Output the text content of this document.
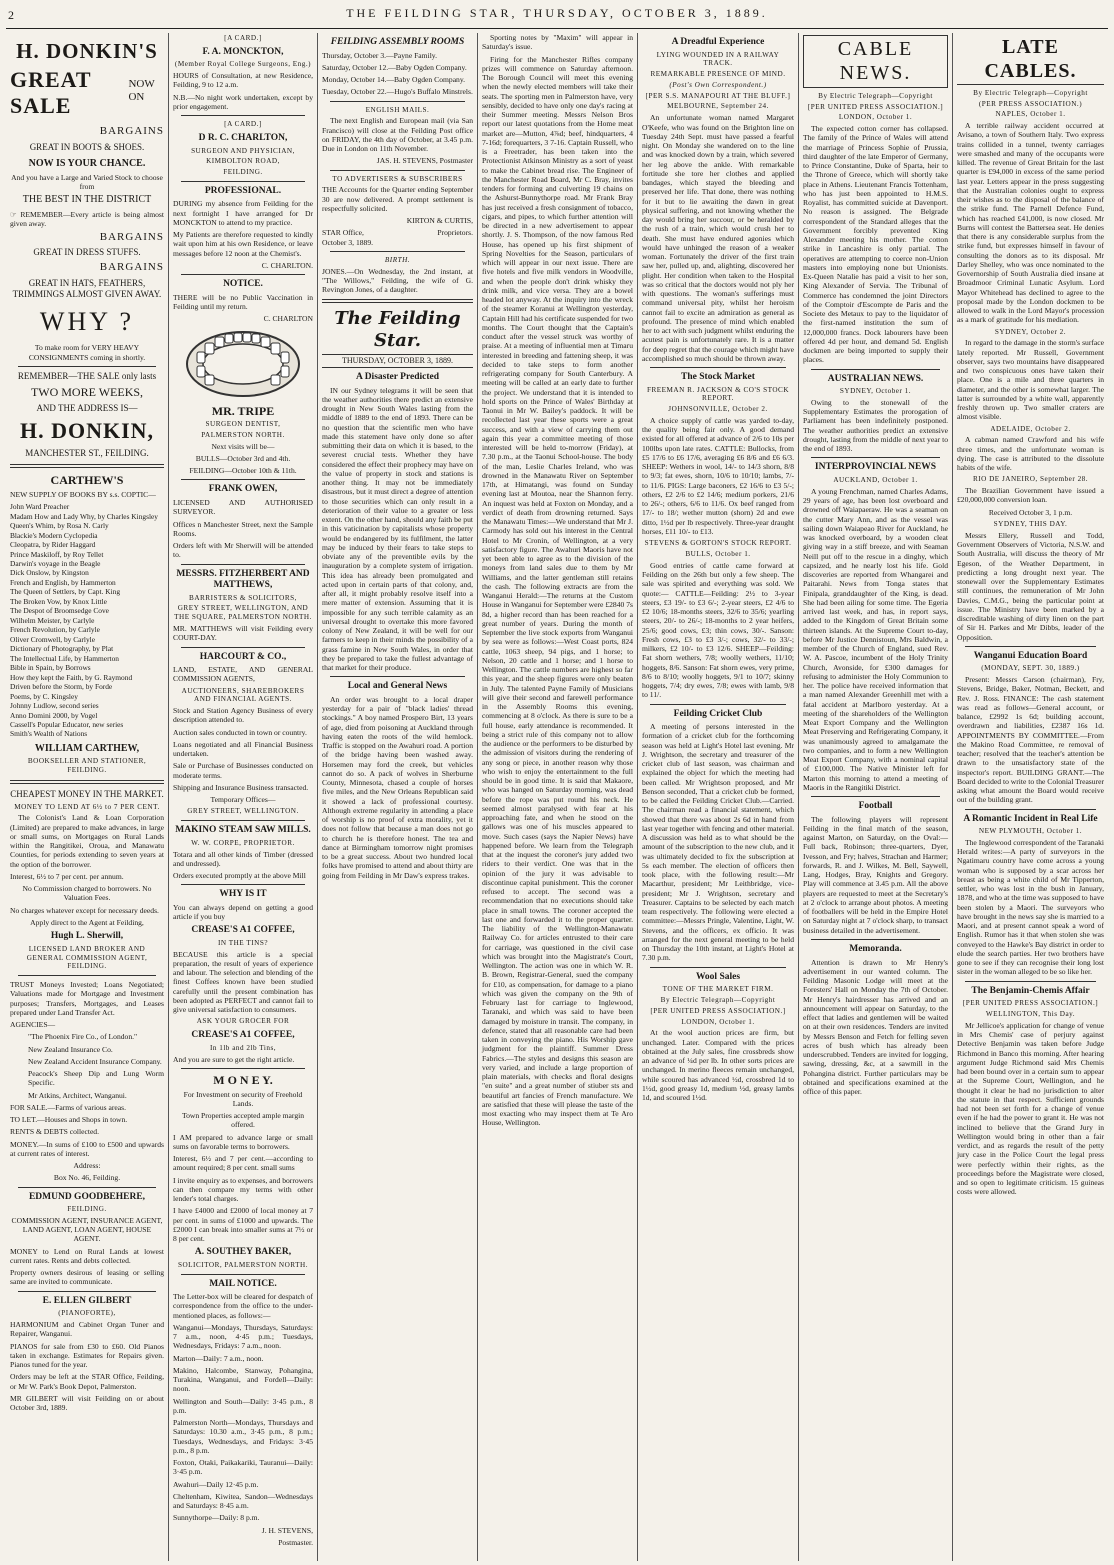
2	THE FEILDING STAR, THURSDAY, OCTOBER 3, 1889.
H. DONKIN'S
GREAT SALE
NOW ON
BARGAINS
GREAT IN BOOTS & SHOES.
NOW IS YOUR CHANCE.

And you have a Large and Varied Stock to choose from

THE BEST IN THE DISTRICT

☞ REMEMBER—Every article is being almost given away.

BARGAINS
GREAT IN DRESS STUFFS.
BARGAINS
GREAT IN HATS, FEATHERS, TRIMMINGS ALMOST GIVEN AWAY.
WHY ?

To make room for VERY HEAVY CONSIGNMENTS coming in shortly.

REMEMBER—THE SALE only lasts
TWO MORE WEEKS,
AND THE ADDRESS IS—
H. DONKIN,
MANCHESTER ST., FEILDING.
CARTHEW'S

NEW SUPPLY OF BOOKS BY s.s. COPTIC—

John Ward Preacher
Madam How and Lady Why, by Charles Kingsley
Queen's Whim, by Rosa N. Carly
Blackie's Modern Cyclopedia
Cleopatra, by Rider Haggard
Prince Maskiloff, by Roy Tellet
Darwin's voyage in the Beagle
Dick Onslow, by Kingston
French and English, by Hammerton
The Queen of Settlers, by Capt. King
The Broken Vow, by Knox Little
The Despot of Broomsedge Cove
Wilhelm Meister, by Carlyle
French Revolution, by Carlyle
Oliver Cromwell, by Carlyle
Dictionary of Photography, by Plat
The Intellectual Life, by Hammerton
Bible in Spain, by Borrows
How they kept the Faith, by G. Raymond
Driven before the Storm, by Forde
Poems, by C. Kingsley
Johnny Ludlow, second series
Anno Domini 2000, by Vogel
Cassell's Popular Educator, new series
Smith's Wealth of Nations
WILLIAM CARTHEW,
BOOKSELLER AND STATIONER, FEILDING.
CHEAPEST MONEY IN THE MARKET.
MONEY TO LEND AT 6½ to 7 PER CENT.

The Colonist's Land & Loan Corporation (Limited) are prepared to make advances, in large or small sums, on Mortgages on Rural Lands within the Rangitikei, Oroua, and Manawatu Counties, for periods extending to seven years at the option of the borrower.

Interest, 6½ to 7 per cent. per annum.

No Commission charged to borrowers. No Valuation Fees.

No charges whatever except for necessary deeds.

Apply direct to the Agent at Feilding,

Hugh L. Sherwill,
LICENSED LAND BROKER AND GENERAL COMMISSION AGENT, FEILDING.

TRUST Moneys Invested; Loans Negotiated; Valuations made for Mortgage and Investment purposes; Transfers, Mortgages, and Leases prepared under Land Transfer Act.

AGENCIES—

"The Phoenix Fire Co., of London."

New Zealand Insurance Co.

New Zealand Accident Insurance Company.

Peacock's Sheep Dip and Lung Worm Specific.

Mr Atkins, Architect, Wanganui.

FOR SALE.—Farms of various areas.

TO LET.—Houses and Shops in town.

RENTS & DEBTS collected.

MONEY.—In sums of £100 to £500 and upwards at current rates of interest.

Address:

Box No. 46, Feilding.

EDMUND GOODBEHERE,
FEILDING.

COMMISSION AGENT, INSURANCE AGENT, LAND AGENT, LOAN AGENT, HOUSE AGENT.

MONEY to Lend on Rural Lands at lowest current rates. Rents and debts collected.

Property owners desirous of leasing or selling same are invited to communicate.

E. ELLEN GILBERT
(PIANOFORTE),

HARMONIUM and Cabinet Organ Tuner and Repairer, Wanganui.

PIANOS for sale from £30 to £60. Old Pianos taken in exchange. Estimates for Repairs given. Pianos tuned for the year.

Orders may be left at the STAR Office, Feilding, or Mr W. Park's Book Depot, Palmerston.

MR GILBERT will visit Feilding on or about October 3rd, 1889.

[A CARD.]
F. A. MONCKTON,
(Member Royal College Surgeons, Eng.)

HOURS of Consultation, at new Residence, Feilding, 9 to 12 a.m.

N.B.—No night work undertaken, except by prior engagement.

[A CARD.]
D R. C. CHARLTON,
SURGEON AND PHYSICIAN,
KIMBOLTON ROAD,
FEILDING.
PROFESSIONAL.

DURING my absence from Feilding for the next fortnight I have arranged for Dr MONCKTON to attend to my practice.

My Patients are therefore requested to kindly wait upon him at his own Residence, or leave messages before 12 noon at the Chemist's.

C. CHARLTON.
NOTICE.

THERE will be no Public Vaccination in Feilding until my return.

C. CHARLTON
MR. TRIPE
SURGEON DENTIST,
PALMERSTON NORTH.

Next visits will be—

BULLS—October 3rd and 4th.

FEILDING—October 10th & 11th.

FRANK OWEN,

LICENSED AND AUTHORISED SURVEYOR.

Offices n Manchester Street, next the Sample Rooms.

Orders left with Mr Sherwill will be attended to.

MESSRS. FITZHERBERT AND MATTHEWS,
BARRISTERS & SOLICITORS,
GREY STREET, WELLINGTON, AND THE SQUARE, PALMERSTON NORTH.

MR. MATTHEWS will visit Feilding every COURT-DAY.

HARCOURT & CO.,

LAND, ESTATE, AND GENERAL COMMISSION AGENTS,

AUCTIONEERS, SHAREBROKERS AND FINANCIAL AGENTS.

Stock and Station Agency Business of every description attended to.

Auction sales conducted in town or country.

Loans negotiated and all Financial Business undertaken.

Sale or Purchase of Businesses conducted on moderate terms.

Shipping and Insurance Business transacted.

Temporary Offices—

GREY STREET, WELLINGTON.
MAKINO STEAM SAW MILLS.
W. W. CORPE, PROPRIETOR.

Totara and all other kinds of Timber (dressed and undressed).

Orders executed promptly at the above Mill

WHY IS IT

You can always depend on getting a good article if you buy

CREASE'S A1 COFFEE,
IN THE TINS?

BECAUSE this article is a special preparation, the result of years of experience and labour. The selection and blending of the finest Coffees known have been studied carefully until the present combination has been adopted as PERFECT and cannot fail to give universal satisfaction to consumers.

ASK YOUR GROCER FOR
CREASE'S A1 COFFEE,
In 1lb and 2lb Tins,

And you are sure to get the right article.

M O N E Y.

For Investment on security of Freehold Lands.

Town Properties accepted ample margin offered.

I AM prepared to advance large or small sums on favorable terms to borrowers.

Interest, 6½ and 7 per cent.—according to amount required; 8 per cent. small sums

I invite enquiry as to expenses, and borrowers can then compare my terms with other lender's total charges.

I have £4000 and £2000 of local money at 7 per cent. in sums of £1000 and upwards. The £2000 I can break into smaller sums at 7½ or 8 per cent.

A. SOUTHEY BAKER,
SOLICITOR, PALMERSTON NORTH.
MAIL NOTICE.

The Letter-box will be cleared for despatch of correspondence from the office to the under-mentioned places, as follows:—

Wanganui—Mondays, Thursdays, Saturdays: 7 a.m., noon, 4·45 p.m.; Tuesdays, Wednesdays, Fridays: 7 a.m., noon.

Marton—Daily: 7 a.m., noon.

Makino, Halcombe, Stanway, Pohangina, Turakina, Wanganui, and Fordell—Daily: noon.

Wellington and South—Daily: 3·45 p.m., 8 p.m.

Palmerston North—Mondays, Thursdays and Saturdays: 10.30 a.m., 3·45 p.m., 8 p.m.; Tuesdays, Wednesdays, and Fridays: 3·45 p.m., 8 p.m.

Foxton, Otaki, Paikakariki, Tauranui—Daily: 3·45 p.m.

Awahuri—Daily 12·45 p.m.

Cheltenham, Kiwitea, Sandon—Wednesdays and Saturdays: 8·45 a.m.

Sunnythorpe—Daily: 8 p.m.

J. H. STEVENS,
Postmaster.
FEILDING ASSEMBLY ROOMS

Thursday, October 3.—Payne Family.

Saturday, October 12.—Baby Ogden Company.

Monday, October 14.—Baby Ogden Company.

Tuesday, October 22.—Hugo's Buffalo Minstrels.

ENGLISH MAILS.

The next English and European mail (via San Francisco) will close at the Feilding Post office on FRIDAY, the 4th day of October, at 3.45 p.m. Due in London on 11th November.

JAS. H. STEVENS, Postmaster
TO ADVERTISERS & SUBSCRIBERS

THE Accounts for the Quarter ending September 30 are now delivered. A prompt settlement is respectfully solicited.

KIRTON & CURTIS,
STAR Office,	Proprietors.

October 3, 1889.

BIRTH.

JONES.—On Wednesday, the 2nd instant, at "The Willows," Feilding, the wife of G. Revington Jones, of a daughter.

The Feilding Star.
THURSDAY, OCTOBER 3, 1889.
A Disaster Predicted

IN our Sydney telegrams it will be seen that the weather authorities there predict an extensive drought in New South Wales lasting from the middle of 1889 to the end of 1893. There can be no question that the scientific men who have made this statement have only done so after submitting their data on which it is based, to the severest crucial tests. Whether they have considered the effect their prophecy may have on the value of property in stock and stations is another thing. It may not be immediately disastrous, but it must direct a degree of attention to those securities which can only result in a deterioration of their value to a greater or less extent. On the other hand, should any faith be put in this vaticination by capitalists whose property would be endangered by its fulfilment, the latter may be induced by their fears to take steps to obviate any of the preventible evils by the inauguration by a complete system of irrigation. This idea has already been promulgated and acted upon in certain parts of that colony, and, after all, it might probably resolve itself into a mere matter of extension. Assuming that it is impossible for any such terrible calamity as an universal drought to overtake this more favored colony of New Zealand, it will be well for our farmers to keep in their minds the possibility of a grass famine in New South Wales, in order that they be prepared to take the fullest advantage of that market for their produce.

Local and General News

An order was brought to a local draper yesterday for a pair of "black ladies' thread stockings." A boy named Prospero Birt, 13 years of age, died from poisoning at Auckland through having eaten the roots of the wild hemlock. Traffic is stopped on the Awahuri road. A portion of the bridge having been washed away. Horsemen may ford the creek, but vehicles cannot do so. A pack of wolves in Sherburne County, Minnesota, chased a couple of horses five miles, and the New Orleans Republican said it showed a lack of professional courtesy. Although extreme regularity in attending a place of worship is no proof of extra morality, yet it does not follow that because a man does not go to church he is therefore honest. The tea and dance at Birmingham tomorrow night promises to be a great success. About two hundred local folks have promised to attend and about thirty are going from Feilding in Mr Daw's express trakes.

Sporting notes by "Maxim" will appear in Saturday's issue.

Firing for the Manchester Rifles company prizes will commence on Saturday afternoon. The Borough Council will meet this evening when the newly elected members will take their seats. The sporting men in Palmerston have, very sensibly, decided to have only one day's racing at their Summer meeting. Messrs Nelson Bros report our latest quotations from the Home meat market are—Mutton, 4⅞d; beef, hindquarters, 4 7-16d; forequarters, 3 7-16. Captain Russell, who is a Freetrader, has been taken into the Protectionist Atkinson Ministry as a sort of yeast to make the Cabinet bread rise. The Engineer of the Manchester Road Board, Mr C. Bray, invites tenders for forming and culverting 19 chains on the Ashurst-Bunnythorpe road. Mr Frank Bray has just received a fresh consignment of tobacco, cigars, and pipes, to which further attention will be directed in a new advertisement to appear shortly. J. S. Thompson, of the now famous Red House, has opened up his first shipment of Spring Novelties for the Season, particulars of which will appear in our next issue. There are five hotels and five milk vendors in Woodville, and when the people don't drink whisky they drink milk, and vice versa. They are a bowel headed lot anyway. At the inquiry into the wreck of the steamer Koranui at Wellington yesterday, Captain Hill had his certificate suspended for two months. The Court thought that the Captain's conduct after the vessel struck was worthy of praise. At a meeting of influential men at Timaru interested in breeding and fattening sheep, it was decided to take steps to form another refrigerating company for South Canterbury. A meeting will be called at an early date to further the project. We understand that it is intended to hold sports on the Prince of Wales' Birthday at Taonui in Mr W. Bailey's paddock. It will be recollected last year these sports were a great success, and with a view of carrying them out again this year a committee meeting of those interested will be held to-morrow (Friday), at 7.30 p.m., at the Taonui School-house. The body of the man, Leslie Charles Ireland, who was drowned in the Manawatu River on September 17th, at Himatangi, was found on Sunday evening last at Moutoa, near the Shannon ferry. An inquest was held at Foxton on Monday, and a verdict of death from drowning returned. Says the Manawatu Times:—We understand that Mr J. Carmody has sold out his interest in the Central Hotel to Mr Cronin, of Wellington, at a very satisfactory figure. The Awahuri Maoris have not yet been able to agree as to the division of the moneys from land sales due to them by Mr Williams, and the latter gentleman still retains the cash. The following extracts are from the Wanganui Herald:—The returns at the Custom House in Wanganui for September were £2840 7s 8d, a higher record than has been reached for a great number of years. During the month of September the live stock exports from Wanganui by sea were as follows:—West Coast ports, 824 cattle, 1063 sheep, 94 pigs, and 1 horse; to Nelson, 20 cattle and 1 horse; and 1 horse to Wellington. The cattle numbers are highest so far this year, and the sheep figures were only beaten in July. The talented Payne Family of Musicians will give their second and farewell performance in the Assembly Rooms this evening, commencing at 8 o'clock. As there is sure to be a full house, early attendance is recommended. It being a strict rule of this company not to allow the audience or the performers to be disturbed by the admission of visitors during the rendering of any song or piece, in another reason why those who wish to enjoy the entertainment to the full should be in good time. It is said that Makaore, who was hanged on Saturday morning, was dead before the rope was put round his neck. He seemed almost paralysed with fear at his approaching fate, and when he stood on the gallows was one of his muscles appeared to move. Such cases (says the Napier News) have happened before. We learn from the Telegraph that at the inquest the coroner's jury added two riders to their verdict. One was that in the opinion of the jury it was advisable to discontinue capital punishment. This the coroner refused to accept. The second was a recommendation that no executions should take place in small towns. The coroner accepted the last one and forwarded it to the proper quarter. The liability of the Wellington-Manawatu Railway Co. for articles entrusted to their care for carriage, was questioned in the civil case which was brought into the Magistrate's Court, Wellington. The action was one in which W. R. B. Brown, Registrar-General, sued the company for £10, as compensation, for damage to a piano which was given the company on the 9th of February last for carriage to Inglewood, Taranaki, and which was said to have been damaged by moisture in transit. The company, in defence, stated that all reasonable care had been taken in conveying the piano. His Worship gave judgment for the plaintiff. Summer Dress Fabrics.—The styles and designs this season are very varied, and include a large proportion of plain materials, with checks and floral designs "en suite" and a great number of stiuber sts and beautiful art fancies of French manufacture. We are satisfied that these will please the taste of the most exacting who may inspect them at Te Aro House, Wellington.

A Dreadful Experience
LYING WOUNDED IN A RAILWAY TRACK.
REMARKABLE PRESENCE OF MIND.
(Post's Own Correspondent.)
[PER S.S. MANAPOURI AT THE BLUFF.]
MELBOURNE, September 24.

An unfortunate woman named Margaret O'Keefe, who was found on the Brighton line on Tuesday 24th Sept. must have passed a fearful night. On Monday she wandered on to the line and was knocked down by a train, which severed her leg above the ankle. With remarkable fortitude she tore her clothes and applied bandages, which stayed the bleeding and preserved her life. That done, there was nothing for it but to lie awaiting the dawn in great physical suffering, and not knowing whether the day would bring her succour, or be heralded by the rush of a train, which would crush her to death. She must have endured agonies which would have unhinged the reason of a weaker woman. Fortunately the driver of the first train saw her, pulled up, and, alighting, discovered her plight. Her condition when taken to the Hospital was so critical that the doctors would not ply her with questions. The woman's sufferings must command universal pity, whilst her heroism cannot fail to excite an admiration as general as profound. The presence of mind which enabled her to act with such judgment whilst enduring the acutest pain is unfortunately rare. It is a matter for deep regret that the courage which might have accomplished so much should be thrown away.

The Stock Market
FREEMAN R. JACKSON & CO'S STOCK REPORT.
JOHNSONVILLE, October 2.

A choice supply of cattle was yarded to-day, the quality being fair only. A good demand existed for all offered at advance of 2/6 to 10s per 100lbs upon late rates. CATTLE: Bullocks, from £5 17/6 to £6 17/6, averaging £6 8/6 and £6 6/3. SHEEP: Wethers in wool, 14/- to 14/3 shorn, 8/8 to 9/3; fat ewes, shorn, 10/6 to 10/10; lambs, 7/- to 11/6. PIGS: Large baconers, £2 16/6 to £3 5/-; others, £2 2/6 to £2 14/6; medium porkers, 21/6 to 26/-; others, 6/6 to 11/6. Ox beef ranged from 17/- to 18/; wether mutton (shorn) 2d and ewe ditto, 1½d per lb respectively. Three-year draught horses, £11 10/- to £13.

STEVENS & GORTON'S STOCK REPORT.
BULLS, October 1.

Good entries of cattle came forward at Feilding on the 26th but only a few sheep. The sale was spirited and everything was sold. We quote:— CATTLE—Feilding: 2½ to 3-year steers, £3 19/- to £3 6/-; 2-year steers, £2 4/6 to £2 10/6; 18-months steers, 32/6 to 35/6; yearling steers, 20/- to 26/-; 18-months to 2 year heifers, 25/6; good cows, £3; thin cows, 30/-. Sanson: Fresh cows, £3 to £3 3/-; cows, 32/- to 33/-; milkers, £2 10/- to £3 12/6. SHEEP—Feilding: Fat shorn wethers, 7/8; woolly wethers, 11/10; hoggets, 8/6. Sanson: Fat shorn ewes, very prime, 8/6 to 8/10; woolly hoggets, 9/1 to 10/7; skinny hoggets, 7/4; dry ewes, 7/8; ewes with lamb, 9/8 to 11/.

Feilding Cricket Club

A meeting of persons interested in the formation of a cricket club for the forthcoming season was held at Light's Hotel last evening. Mr J. Wrightson, the secretary and treasurer of the cricket club of last season, was chairman and explained the object for which the meeting had been called. Mr Wrightson proposed, and Mr Benson seconded, That a cricket club be formed, to be called the Feilding Cricket Club.—Carried. The chairman read a financial statement, which showed that there was about 2s 6d in hand from last year together with fencing and other material. A discussion was held as to what should be the amount of the subscription to the new club, and it was ultimately decided to fix the subscription at 5s each member. The election of officers then took place, with the following result:—Mr Macarthur, president; Mr Leithbridge, vice-president; Mr J. Wrightson, secretary and Treasurer. Captains to be selected by each match team respectively. The following were elected a committee:—Messrs Pringle, Valentine, Light, W. Stevens, and the officers, ex officio. It was arranged for the next general meeting to be held on Thursday the 10th instant, at Light's Hotel at 7.30 p.m.

Wool Sales
TONE OF THE MARKET FIRM.
By Electric Telegraph—Copyright
[PER UNITED PRESS ASSOCIATION.]
LONDON, October 1.

At the wool auction prices are firm, but unchanged. Later. Compared with the prices obtained at the July sales, fine crossbreds show an advance of ¼d per lb. In other sorts prices are unchanged. In merino fleeces remain unchanged, while scoured has advanced ½d, crossbred 1d to 1½d, good greasy 1d, medium ½d, greasy lambs 1d, and scoured 1½d.

CABLE NEWS.
By Electric Telegraph—Copyright
[PER UNITED PRESS ASSOCIATION.]
LONDON, October 1.

The expected cotton corner has collapsed. The family of the Prince of Wales will attend the marriage of Princess Sophie of Prussia, third daughter of the late Emperor of Germany, to Prince Constantine, Duke of Sparta, heir to the Throne of Greece, which will shortly take place in Athens. Lieutenant Francis Tottenham, who has just been appointed to H.M.S. Royalist, has committed suicide at Davenport. No reason is assigned. The Belgrade correspondent of the Standard alleges that the Government forcibly prevented King Alexander meeting his mother. The cotton strike in Lancashire is only partial. The operatives are attempting to coerce non-Union masters into employing none but Unionists. Ex-Queen Natalie has paid a visit to her son, King Alexander of Servia. The Tribunal of Commerce has condemned the joint Directors of the Comptoir d'Escompte de Paris and the Societe des Metaux to pay to the liquidator of the first-named institution the sum of 12,000,000 francs. Dock labourers have been offered 4d per hour, and demand 5d. English dockmen are being imported to supply their places.

AUSTRALIAN NEWS.
SYDNEY, October 1.

Owing to the stonewall of the Supplementary Estimates the prorogation of Parliament has been indefinitely postponed. The weather authorities predict an extensive drought, lasting from the middle of next year to the end of 1893.

INTERPROVINCIAL NEWS
AUCKLAND, October 1.

A young Frenchman, named Charles Adams, 29 years of age, has been lost overboard and drowned off Waiapaeraw. He was a seaman on the cutter Mary Ann, and as the vessel was sailing down Waiapeao River for Auckland, he was knocked overboard, by a wooden cleat giving way in a stiff breeze, and with Seaman Neill put off to the rescue in a dinghy, which capsized, and he nearly lost his life. Gold discoveries are reported from Whangarei and Paitarahi. News from Tonga states that Finipala, granddaughter of the King, is dead. She had been ailing for some time. The Egeria arrived last week, and has, in report says, added to the Kingdom of Great Britain some thirteen islands. At the Supreme Court to-day, before Mr Justice Dennistoun, Mrs Baldwin, a member of the Church of England, sued Rev. W. A. Pascoe, incumbent of the Holy Trinity Church, Avonside, for £300 damages for refusing to administer the Holy Communion to her. The police have received information that a man named Alexander Greenhill met with a fatal accident at Marlboro yesterday. At a meeting of the shareholders of the Wellington Meat Export Company and the Wellington Meat Preserving and Refrigerating Company, it was unanimously agreed to amalgamate the two companies, and to form a new Wellington Meat Export Company, with a nominal capital of £100,000. The Native Minister left for Marton this morning to attend a meeting of Maoris in the Rangitiki District.

Football

The following players will represent Feilding in the final match of the season, against Marton, on Saturday, on the Oval:—Full back, Robinson; three-quarters, Dyer, Ivesson, and Fry; halves, Strachan and Harmer; forwards, R. and J. Wilkes, M. Bell, Saywell, Lang, Hodges, Bray, Knights and Gregory. Play will commence at 3.45 p.m. All the above players are requested to meet at the Secretary's at 2 o'clock to arrange about photos. A meeting of footballers will be held in the Empire Hotel on Saturday night at 7 o'clock sharp, to transact business detailed in the advertisement.

Memoranda.

Attention is drawn to Mr Henry's advertisement in our wanted column. The Feilding Masonic Lodge will meet at the Foresters' Hall on Monday the 7th of October. Mr Henry's hairdresser has arrived and an announcement will appear on Saturday, to the effect that ladies and gentlemen will be waited on at their own residences. Tenders are invited by Messrs Benson and Fetch for felling seven acres of bush which has already been underscrubbed. Tenders are invited for logging, sawing, dressing, &c, at a sawmill in the Pohangina district. Further particulars may be obtained and specifications examined at the office of this paper.

LATE CABLES.
By Electric Telegraph—Copyright
(PER PRESS ASSOCIATION.)
NAPLES, October 1.

A terrible railway accident occurred at Avisano, a town of Southern Italy. Two express trains collided in a tunnel, twenty carriages were smashed and many of the occupants were killed. The revenue of Great Britain for the last quarter is £94,000 in excess of the same period last year. Letters appear in the press suggesting that the Australian colonies ought to express their wishes as to the disposal of the balance of the strike fund. The Parnell Defence Fund, which has reached £41,000, is now closed. Mr Burns will contest the Battersea seat. He denies that there is any considerable surplus from the strike fund, but expresses himself in favour of consulting the donors as to its disposal. Mr Darley Shelley, who was once nominated to the Governorship of South Australia died insane at Broadmoor Criminal Lunatic Asylum. Lord Mayor Whitehead has declined to agree to the proposal made by the London dockmen to be allowed to walk in the Lord Mayor's procession as a mark of gratitude for his mediation.

SYDNEY, October 2.

In regard to the damage in the storm's surface lately reported. Mr Russell, Government observer, says two mountains have disappeared and two conspicuous ones have taken their place. One is a mile and three quarters in diameter, and the other is somewhat larger. The latter is surrounded by a white wall, apparently freshly thrown up. Two smaller craters are almost visible.

ADELAIDE, October 2.

A cabman named Crawford and his wife three times, and the unfortunate woman is dying. The case is attributed to the dissolute habits of the wife.

RIO DE JANEIRO, September 28.

The Brazilian Government have issued a £20,000,000 conversion loan.

Received October 3, 1 p.m.

SYDNEY, THIS DAY.

Messrs Ellery, Russell and Todd, Government Observers of Victoria, N.S.W. and South Australia, will discuss the theory of Mr Egeson, of the Weather Department, in predicting a long drought next year. The stonewall over the Supplementary Estimates still continues, the remuneration of Mr John Davies, C.M.G., being the particular point at issue. The Ministry have been marked by a discreditable washing of dirty linen on the part of Sir H. Parkes and Mr Dibbs, leader of the Opposition.

Wanganui Education Board
(MONDAY, SEPT. 30, 1889.)

Present: Messrs Carson (chairman), Fry, Stevens, Bridge, Baker, Notman, Beckett, and Rev. J. Ross. FINANCE: The cash statement was read as follows—General account, or balance, £2992 1s 6d; building account, overdrawn and liabilities, £2387 16s 1d. APPOINTMENTS BY COMMITTEE.—From the Makino Road Committee, re removal of teacher; resolved that the teacher's attention be drawn to the unsatisfactory state of the inspector's report. BUILDING GRANT.—The Board decided to write to the Colonial Treasurer asking what amount the Board would receive out of the building grant.

A Romantic Incident in Real Life
NEW PLYMOUTH, October 1.

The Inglewood correspondent of the Taranaki Herald writes:—A party of surveyors in the Ngatimaru country have come across a young woman who is supposed by a scar across her breast as being a white child of Mr Tipperton, settler, who was lost in the bush in January, 1878, and who at the time was supposed to have been stolen by a Maori. The surveyors who have brought in the news say she is married to a Maori, and at present cannot speak a word of English. Rumor has it that when stolen she was conveyed to the Hawke's Bay district in order to elude the search parties. Her two brothers have gone to see if they can recognise their long lost sister in the woman alleged to be so like her.

The Benjamin-Chemis Affair
[PER UNITED PRESS ASSOCIATION.]
WELLINGTON, This Day.

Mr Jellicoe's application for change of venue in Mrs Chemis' case of perjury against Detective Benjamin was taken before Judge Richmond in Banco this morning. After hearing argument Judge Richmond said Mrs Chemis had been bound over in a certain sum to appear at the Supreme Court, Wellington, and he thought it clear he had no jurisdiction to alter the statute in that respect. Sufficient grounds had not been set forth for a change of venue even if he had the power to grant it. He was not inclined to believe that the Grand Jury in Wellington would bring in other than a fair verdict, and as regards the result of the petty jury case in the Police Court the legal press were perfectly within their rights, as the proceedings before the Magistrate were closed, and so open to legitimate criticism. 15 guineas costs were allowed.
